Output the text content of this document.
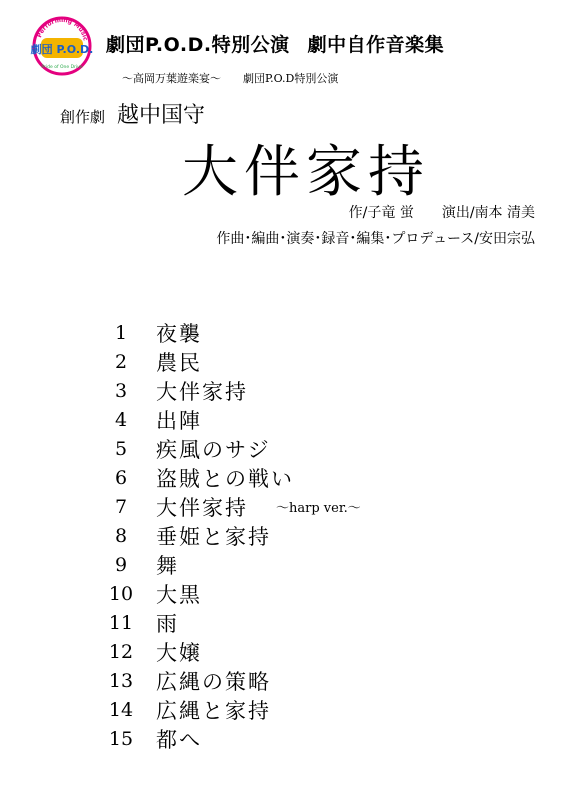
Performing Music
劇団 P.O.D.
Pride of One Drive
劇団P.O.D.特別公演 劇中自作音楽集
〜高岡万葉遊楽宴〜 劇団P.O.D特別公演
創作劇 越中国守
大伴家持
作/子竜 蛍 演出/南本 清美
作曲･編曲･演奏･録音･編集･プロデュース/安田宗弘
1	夜襲
2	農民
3	大伴家持
4	出陣
5	疾風のサジ
6	盗賊との戦い
7	大伴家持 〜harp ver.〜
8	垂姫と家持
9	舞
10	大黒
11	雨
12	大嬢
13	広縄の策略
14	広縄と家持
15	都へ
